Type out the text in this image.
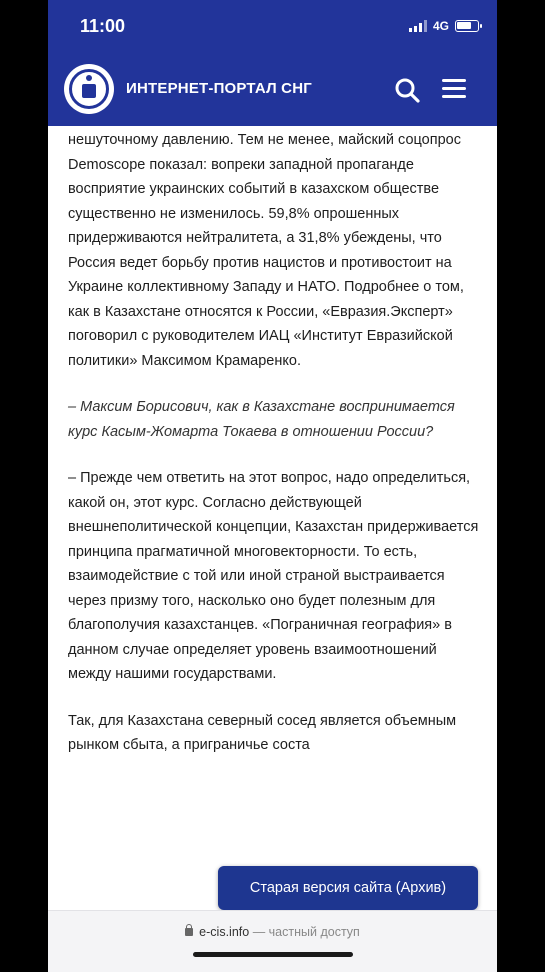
11:00	4G
ИНТЕРНЕТ-ПОРТАЛ СНГ

нешуточному давлению. Тем не менее, майский соцопрос Demoscope показал: вопреки западной пропаганде восприятие украинских событий в казахском обществе существенно не изменилось. 59,8% опрошенных придерживаются нейтралитета, а 31,8% убеждены, что Россия ведет борьбу против нацистов и противостоит на Украине коллективному Западу и НАТО. Подробнее о том, как в Казахстане относятся к России, «Евразия.Эксперт» поговорил с руководителем ИАЦ «Институт Евразийской политики» Максимом Крамаренко.

– Максим Борисович, как в Казахстане воспринимается курс Касым-Жомарта Токаева в отношении России?

– Прежде чем ответить на этот вопрос, надо определиться, какой он, этот курс. Согласно действующей внешнеполитической концепции, Казахстан придерживается принципа прагматичной многовекторности. То есть, взаимодействие с той или иной страной выстраивается через призму того, насколько оно будет полезным для благополучия казахстанцев. «Пограничная география» в данном случае определяет уровень взаимоотношений между нашими государствами.

Так, для Казахстана северный сосед является объемным рынком сбыта, а приграничье соста

Старая версия сайта (Архив)
e-cis.info — частный доступ
